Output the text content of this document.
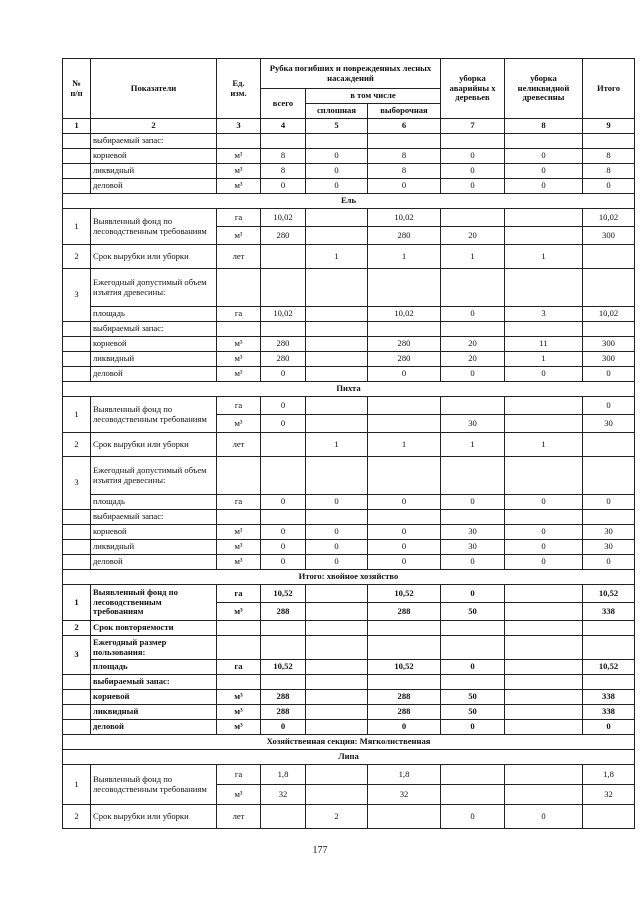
№
п/п	Показатели	Ед.
изм.	Рубка погибших и поврежденных лесных насаждений			уборка аварийны х деревьев	уборка неликвидной древесины	Итого
			всего	в том числе				
				сплошная	выборочная			
1	2	3	4	5	6	7	8	9
	выбираемый запас:							
	корневой	м³	8	0	8	0	0	8
	ликвидный	м³	8	0	8	0	0	8
	деловой	м³	0	0	0	0	0	0
Ель								
1	Выявленный фонд по лесоводственным требованиям	га	10,02		10,02			10,02
		м³	280		280	20		300
2	Срок вырубки или уборки	лет		1	1	1	1	
3	Ежегодный допустимый объем изъятия древесины:							
	площадь	га	10,02		10,02	0	3	10,02
	выбираемый запас:							
	корневой	м³	280		280	20	11	300
	ликвидный	м³	280		280	20	1	300
	деловой	м³	0		0	0	0	0
Пихта								
1	Выявленный фонд по лесоводственным требованиям	га	0					0
		м³	0			30		30
2	Срок вырубки или уборки	лет		1	1	1	1	
3	Ежегодный допустимый объем изъятия древесины:							
	площадь	га	0	0	0	0	0	0
	выбираемый запас:							
	корневой	м³	0	0	0	30	0	30
	ликвидный	м³	0	0	0	30	0	30
	деловой	м³	0	0	0	0	0	0
Итого: хвойное хозяйство								
1	Выявленный фонд по лесоводственным требованиям	га	10,52		10,52	0		10,52
		м³	288		288	50		338
2	Срок повторяемости							
3	Ежегодный размер пользования:							
	площадь	га	10,52		10,52	0		10,52
	выбираемый запас:							
	корневой	м³	288		288	50		338
	ликвидный	м³	288		288	50		338
	деловой	м³	0		0	0		0
Хозяйственная секция: Мягколиственная								
Липа								
1	Выявленный фонд по лесоводственным требованиям	га	1,8		1,8			1,8
		м³	32		32			32
2	Срок вырубки или уборки	лет		2		0	0	
177
